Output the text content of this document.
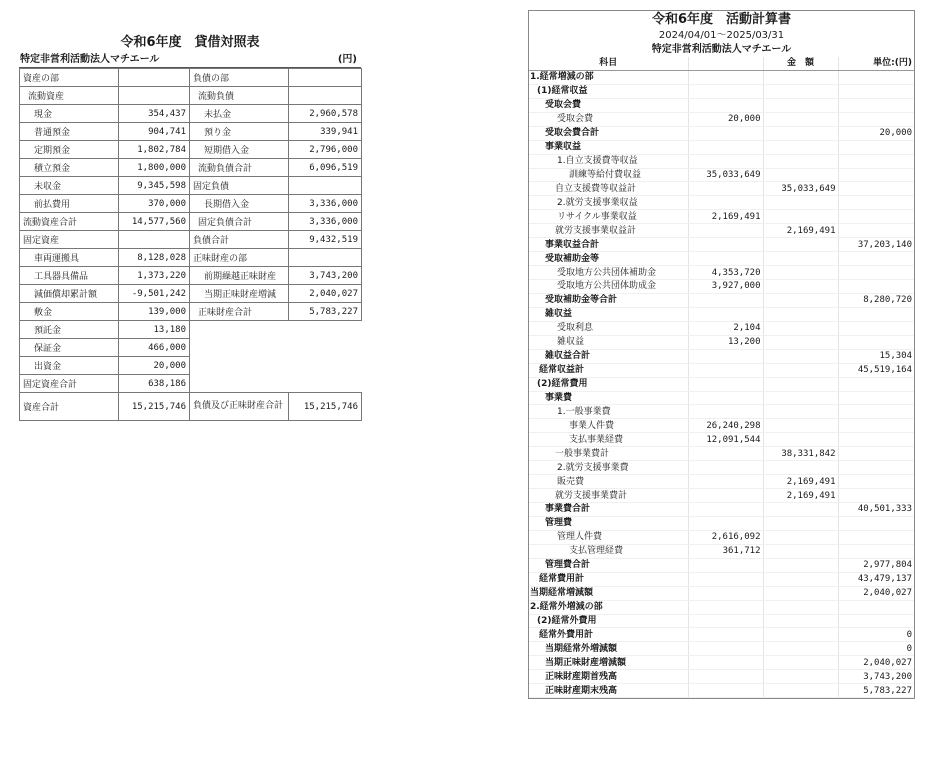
令和6年度　貸借対照表
特定非営利活動法人マチエール	(円)
資産の部		負債の部	
流動資産		流動負債	
現金	354,437	未払金	2,960,578
普通預金	904,741	預り金	339,941
定期預金	1,802,784	短期借入金	2,796,000
積立預金	1,800,000	流動負債合計	6,096,519
未収金	9,345,598	固定負債	
前払費用	370,000	長期借入金	3,336,000
流動資産合計	14,577,560	固定負債合計	3,336,000
固定資産		負債合計	9,432,519
車両運搬具	8,128,028	正味財産の部	
工具器具備品	1,373,220	前期繰越正味財産	3,743,200
減価償却累計額	-9,501,242	当期正味財産増減	2,040,027
敷金	139,000	正味財産合計	5,783,227
預託金	13,180		
保証金	466,000		
出資金	20,000		
固定資産合計	638,186		
資産合計	15,215,746	負債及び正味財産合計	15,215,746
令和6年度　活動計算書
2024/04/01～2025/03/31
特定非営利活動法人マチエール
科目		金　額	単位:(円)
1.経常増減の部			
(1)経常収益			
受取会費			
受取会費	20,000		
受取会費合計			20,000
事業収益			
1.自立支援費等収益			
訓練等給付費収益	35,033,649		
自立支援費等収益計		35,033,649	
2.就労支援事業収益			
リサイクル事業収益	2,169,491		
就労支援事業収益計		2,169,491	
事業収益合計			37,203,140
受取補助金等			
受取地方公共団体補助金	4,353,720		
受取地方公共団体助成金	3,927,000		
受取補助金等合計			8,280,720
雑収益			
受取利息	2,104		
雑収益	13,200		
雑収益合計			15,304
経常収益計			45,519,164
(2)経常費用			
事業費			
1.一般事業費			
事業人件費	26,240,298		
支払事業経費	12,091,544		
一般事業費計		38,331,842	
2.就労支援事業費			
販売費		2,169,491	
就労支援事業費計		2,169,491	
事業費合計			40,501,333
管理費			
管理人件費	2,616,092		
支払管理経費	361,712		
管理費合計			2,977,804
経常費用計			43,479,137
当期経常増減額			2,040,027
2.経常外増減の部			
(2)経常外費用			
経常外費用計			0
当期経常外増減額			0
当期正味財産増減額			2,040,027
正味財産期首残高			3,743,200
正味財産期末残高			5,783,227
